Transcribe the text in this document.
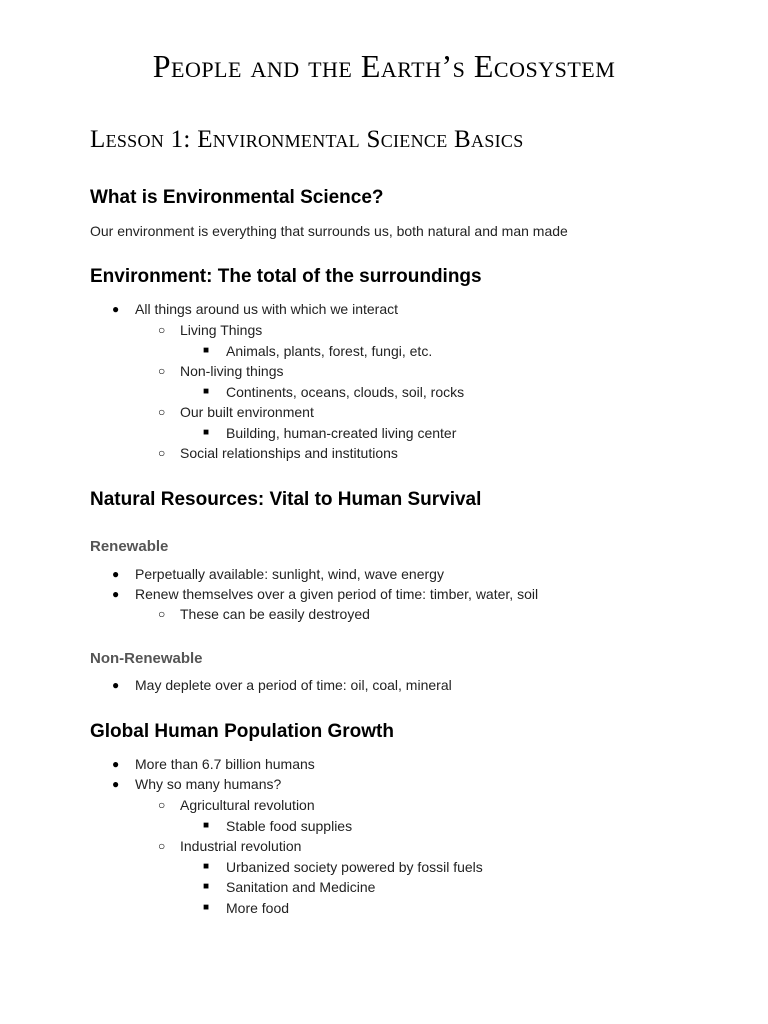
People and the Earth’s Ecosystem
Lesson 1: Environmental Science Basics
What is Environmental Science?
Our environment is everything that surrounds us, both natural and man made
Environment: The total of the surroundings
● All things around us with which we interact
○ Living Things
■ Animals, plants, forest, fungi, etc.
○ Non-living things
■ Continents, oceans, clouds, soil, rocks
○ Our built environment
■ Building, human-created living center
○ Social relationships and institutions
Natural Resources: Vital to Human Survival
Renewable
● Perpetually available: sunlight, wind, wave energy
● Renew themselves over a given period of time: timber, water, soil
○ These can be easily destroyed
Non-Renewable
● May deplete over a period of time: oil, coal, mineral
Global Human Population Growth
● More than 6.7 billion humans
● Why so many humans?
○ Agricultural revolution
■ Stable food supplies
○ Industrial revolution
■ Urbanized society powered by fossil fuels
■ Sanitation and Medicine
■ More food
